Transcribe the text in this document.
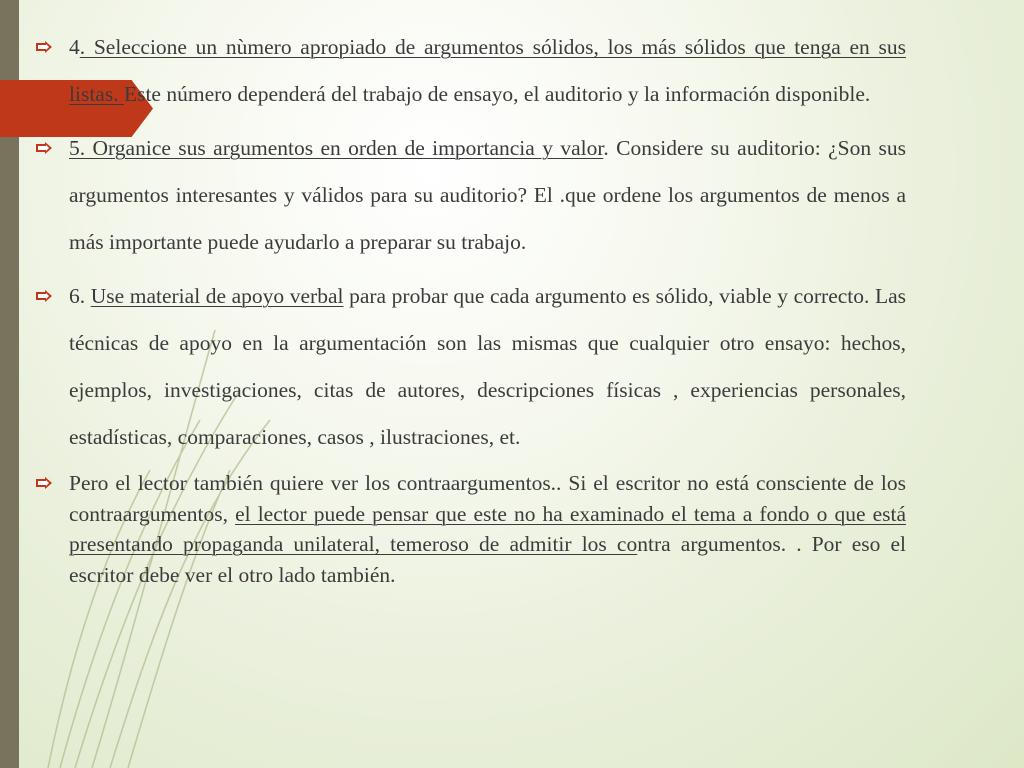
4. Seleccione un nùmero apropiado de argumentos sólidos, los más sólidos que tenga en sus listas. Este número dependerá del trabajo de ensayo, el auditorio y la información disponible.
5. Organice sus argumentos en orden de importancia y valor. Considere su auditorio: ¿Son sus argumentos interesantes y válidos para su auditorio? El .que ordene los argumentos de menos a más importante puede ayudarlo a preparar su trabajo.
6. Use material de apoyo verbal para probar que cada argumento es sólido, viable y correcto. Las técnicas de apoyo en la argumentación son las mismas que cualquier otro ensayo: hechos, ejemplos, investigaciones, citas de autores, descripciones físicas , experiencias personales, estadísticas, comparaciones, casos , ilustraciones, et.
Pero el lector también quiere ver los contraargumentos.. Si el escritor no está consciente de los contraargumentos, el lector puede pensar que este no ha examinado el tema a fondo o que está presentando propaganda unilateral, temeroso de admitir los contra argumentos. . Por eso el escritor debe ver el otro lado también.
